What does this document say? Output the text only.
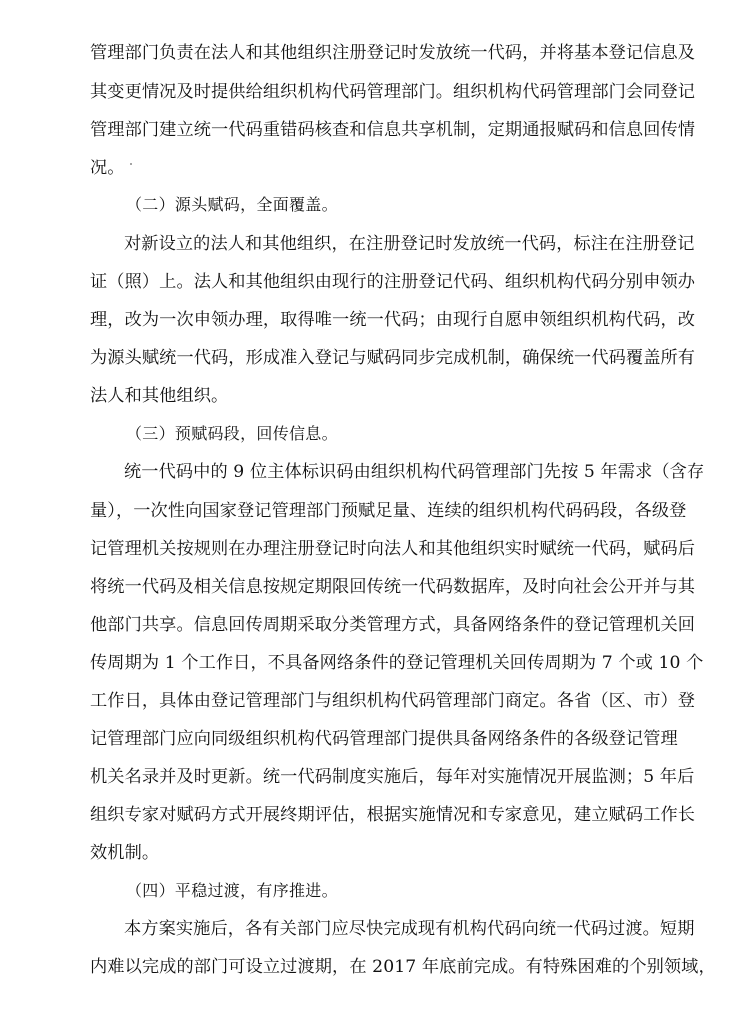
管理部门负责在法人和其他组织注册登记时发放统一代码，并将基本登记信息及
其变更情况及时提供给组织机构代码管理部门。组织机构代码管理部门会同登记
管理部门建立统一代码重错码核查和信息共享机制，定期通报赋码和信息回传情
况。
（二）源头赋码，全面覆盖。
对新设立的法人和其他组织，在注册登记时发放统一代码，标注在注册登记
证（照）上。法人和其他组织由现行的注册登记代码、组织机构代码分别申领办
理，改为一次申领办理，取得唯一统一代码；由现行自愿申领组织机构代码，改
为源头赋统一代码，形成准入登记与赋码同步完成机制，确保统一代码覆盖所有
法人和其他组织。
（三）预赋码段，回传信息。
统一代码中的 9 位主体标识码由组织机构代码管理部门先按 5 年需求（含存
量），一次性向国家登记管理部门预赋足量、连续的组织机构代码码段，各级登
记管理机关按规则在办理注册登记时向法人和其他组织实时赋统一代码，赋码后
将统一代码及相关信息按规定期限回传统一代码数据库，及时向社会公开并与其
他部门共享。信息回传周期采取分类管理方式，具备网络条件的登记管理机关回
传周期为 1 个工作日，不具备网络条件的登记管理机关回传周期为 7 个或 10 个
工作日，具体由登记管理部门与组织机构代码管理部门商定。各省（区、市）登
记管理部门应向同级组织机构代码管理部门提供具备网络条件的各级登记管理
机关名录并及时更新。统一代码制度实施后，每年对实施情况开展监测；5 年后
组织专家对赋码方式开展终期评估，根据实施情况和专家意见，建立赋码工作长
效机制。
（四）平稳过渡，有序推进。
本方案实施后，各有关部门应尽快完成现有机构代码向统一代码过渡。短期
内难以完成的部门可设立过渡期，在 2017 年底前完成。有特殊困难的个别领域，
